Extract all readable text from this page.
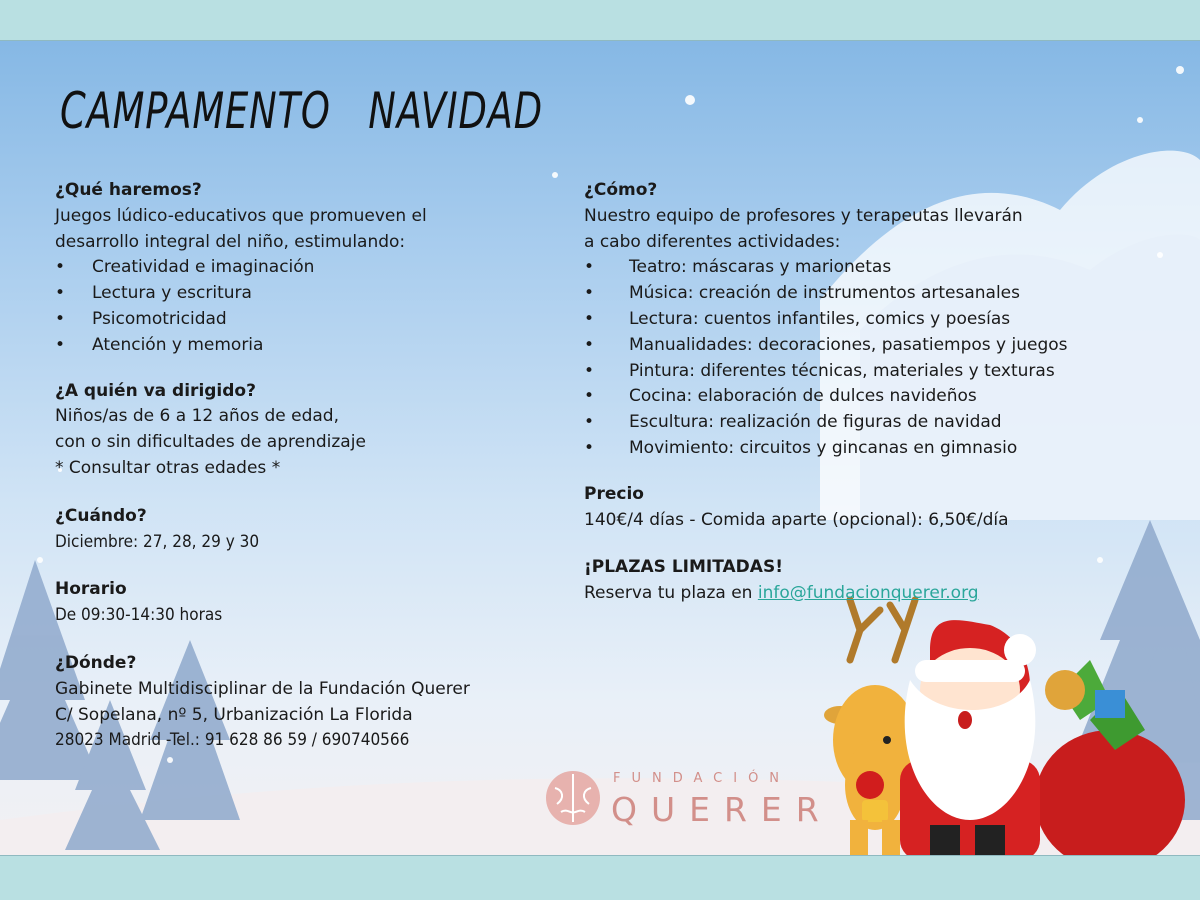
CAMPAMENTO   NAVIDAD

¿Qué haremos?

Juegos lúdico-educativos que promueven el

desarrollo integral del niño, estimulando:

• Creatividad e imaginación
• Lectura y escritura
• Psicomotricidad
• Atención y memoria

¿A quién va dirigido?

Niños/as de 6 a 12 años de edad,

con o sin dificultades de aprendizaje

* Consultar otras edades *

¿Cuándo?

Diciembre: 27, 28, 29 y 30

Horario

De 09:30-14:30 horas

¿Dónde?

Gabinete Multidisciplinar de la Fundación Querer

C/ Sopelana, nº 5, Urbanización La Florida

28023 Madrid -Tel.: 91 628 86 59 / 690740566

¿Cómo?

Nuestro equipo de profesores y terapeutas llevarán

a cabo diferentes actividades:

• Teatro: máscaras y marionetas
• Música: creación de instrumentos artesanales
• Lectura: cuentos infantiles, comics y poesías
• Manualidades: decoraciones, pasatiempos y juegos
• Pintura: diferentes técnicas, materiales y texturas
• Cocina: elaboración de dulces navideños
• Escultura: realización de figuras de navidad
• Movimiento: circuitos y gincanas en gimnasio

Precio

140€/4 días - Comida aparte (opcional): 6,50€/día

¡PLAZAS LIMITADAS!

Reserva tu plaza en info@fundacionquerer.org

FUNDACIÓN
QUERER
